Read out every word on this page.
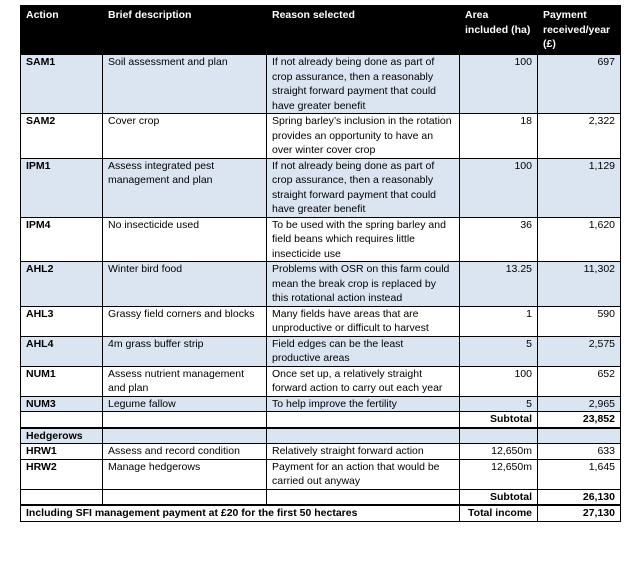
Action	Brief description	Reason selected	Area included (ha)	Payment received/year (£)
SAM1	Soil assessment and plan	If not already being done as part of crop assurance, then a reasonably straight forward payment that could have greater benefit	100	697
SAM2	Cover crop	Spring barley’s inclusion in the rotation provides an opportunity to have an over winter cover crop	18	2,322
IPM1	Assess integrated pest management and plan	If not already being done as part of crop assurance, then a reasonably straight forward payment that could have greater benefit	100	1,129
IPM4	No insecticide used	To be used with the spring barley and field beans which requires little insecticide use	36	1,620
AHL2	Winter bird food	Problems with OSR on this farm could mean the break crop is replaced by this rotational action instead	13.25	11,302
AHL3	Grassy field corners and blocks	Many fields have areas that are unproductive or difficult to harvest	1	590
AHL4	4m grass buffer strip	Field edges can be the least productive areas	5	2,575
NUM1	Assess nutrient management and plan	Once set up, a relatively straight forward action to carry out each year	100	652
NUM3	Legume fallow	To help improve the fertility	5	2,965
			Subtotal	23,852
Hedgerows				
HRW1	Assess and record condition	Relatively straight forward action	12,650m	633
HRW2	Manage hedgerows	Payment for an action that would be carried out anyway	12,650m	1,645
			Subtotal	26,130
Including SFI management payment at £20 for the first 50 hectares			Total income	27,130
